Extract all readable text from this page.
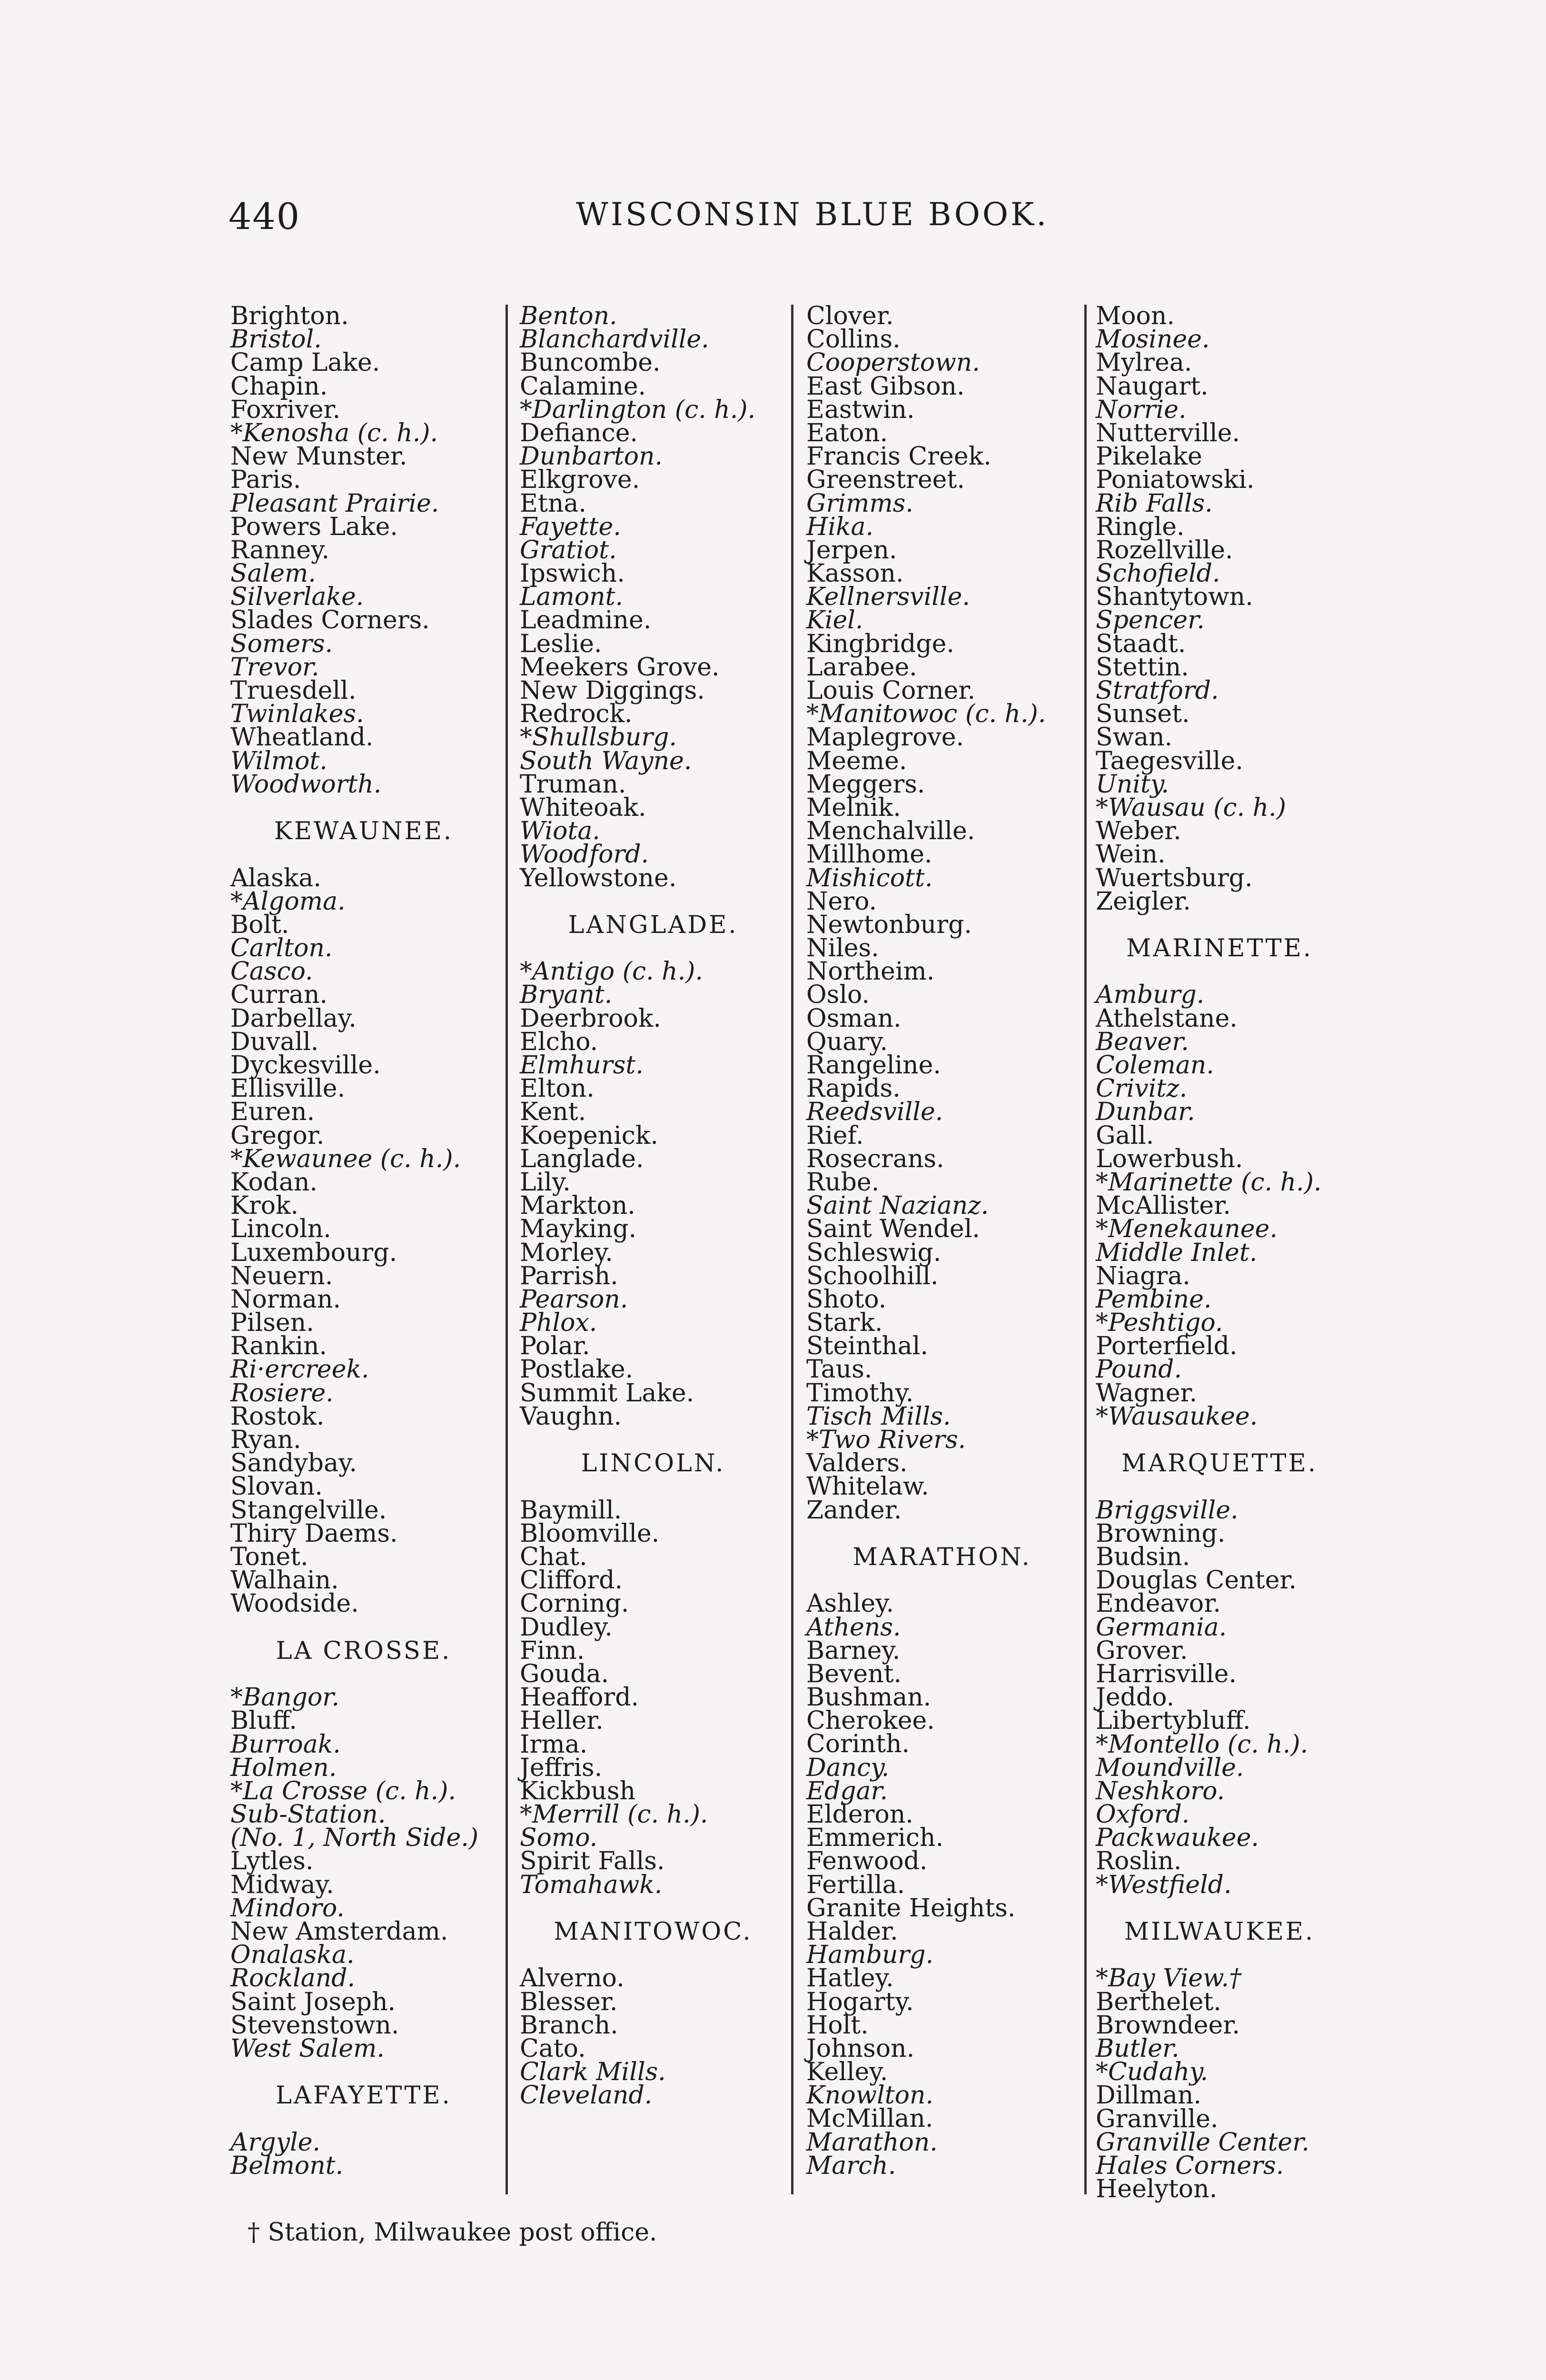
440	WISCONSIN BLUE BOOK.
Brighton.
Bristol.
Camp Lake.
Chapin.
Foxriver.
*Kenosha (c. h.).
New Munster.
Paris.
Pleasant Prairie.
Powers Lake.
Ranney.
Salem.
Silverlake.
Slades Corners.
Somers.
Trevor.
Truesdell.
Twinlakes.
Wheatland.
Wilmot.
Woodworth.
KEWAUNEE.
Alaska.
*Algoma.
Bolt.
Carlton.
Casco.
Curran.
Darbellay.
Duvall.
Dyckesville.
Ellisville.
Euren.
Gregor.
*Kewaunee (c. h.).
Kodan.
Krok.
Lincoln.
Luxembourg.
Neuern.
Norman.
Pilsen.
Rankin.
Ri·ercreek.
Rosiere.
Rostok.
Ryan.
Sandybay.
Slovan.
Stangelville.
Thiry Daems.
Tonet.
Walhain.
Woodside.
LA CROSSE.
*Bangor.
Bluff.
Burroak.
Holmen.
*La Crosse (c. h.).
Sub-Station.
(No. 1, North Side.)
Lytles.
Midway.
Mindoro.
New Amsterdam.
Onalaska.
Rockland.
Saint Joseph.
Stevenstown.
West Salem.
LAFAYETTE.
Argyle.
Belmont.
Benton.
Blanchardville.
Buncombe.
Calamine.
*Darlington (c. h.).
Defiance.
Dunbarton.
Elkgrove.
Etna.
Fayette.
Gratiot.
Ipswich.
Lamont.
Leadmine.
Leslie.
Meekers Grove.
New Diggings.
Redrock.
*Shullsburg.
South Wayne.
Truman.
Whiteoak.
Wiota.
Woodford.
Yellowstone.
LANGLADE.
*Antigo (c. h.).
Bryant.
Deerbrook.
Elcho.
Elmhurst.
Elton.
Kent.
Koepenick.
Langlade.
Lily.
Markton.
Mayking.
Morley.
Parrish.
Pearson.
Phlox.
Polar.
Postlake.
Summit Lake.
Vaughn.
LINCOLN.
Baymill.
Bloomville.
Chat.
Clifford.
Corning.
Dudley.
Finn.
Gouda.
Heafford.
Heller.
Irma.
Jeffris.
Kickbush
*Merrill (c. h.).
Somo.
Spirit Falls.
Tomahawk.
MANITOWOC.
Alverno.
Blesser.
Branch.
Cato.
Clark Mills.
Cleveland.
Clover.
Collins.
Cooperstown.
East Gibson.
Eastwin.
Eaton.
Francis Creek.
Greenstreet.
Grimms.
Hika.
Jerpen.
Kasson.
Kellnersville.
Kiel.
Kingbridge.
Larabee.
Louis Corner.
*Manitowoc (c. h.).
Maplegrove.
Meeme.
Meggers.
Melnik.
Menchalville.
Millhome.
Mishicott.
Nero.
Newtonburg.
Niles.
Northeim.
Oslo.
Osman.
Quary.
Rangeline.
Rapids.
Reedsville.
Rief.
Rosecrans.
Rube.
Saint Nazianz.
Saint Wendel.
Schleswig.
Schoolhill.
Shoto.
Stark.
Steinthal.
Taus.
Timothy.
Tisch Mills.
*Two Rivers.
Valders.
Whitelaw.
Zander.
MARATHON.
Ashley.
Athens.
Barney.
Bevent.
Bushman.
Cherokee.
Corinth.
Dancy.
Edgar.
Elderon.
Emmerich.
Fenwood.
Fertilla.
Granite Heights.
Halder.
Hamburg.
Hatley.
Hogarty.
Holt.
Johnson.
Kelley.
Knowlton.
McMillan.
Marathon.
March.
Moon.
Mosinee.
Mylrea.
Naugart.
Norrie.
Nutterville.
Pikelake
Poniatowski.
Rib Falls.
Ringle.
Rozellville.
Schofield.
Shantytown.
Spencer.
Staadt.
Stettin.
Stratford.
Sunset.
Swan.
Taegesville.
Unity.
*Wausau (c. h.)
Weber.
Wein.
Wuertsburg.
Zeigler.
MARINETTE.
Amburg.
Athelstane.
Beaver.
Coleman.
Crivitz.
Dunbar.
Gall.
Lowerbush.
*Marinette (c. h.).
McAllister.
*Menekaunee.
Middle Inlet.
Niagra.
Pembine.
*Peshtigo.
Porterfield.
Pound.
Wagner.
*Wausaukee.
MARQUETTE.
Briggsville.
Browning.
Budsin.
Douglas Center.
Endeavor.
Germania.
Grover.
Harrisville.
Jeddo.
Libertybluff.
*Montello (c. h.).
Moundville.
Neshkoro.
Oxford.
Packwaukee.
Roslin.
*Westfield.
MILWAUKEE.
*Bay View.†
Berthelet.
Browndeer.
Butler.
*Cudahy.
Dillman.
Granville.
Granville Center.
Hales Corners.
Heelyton.
† Station, Milwaukee post office.
